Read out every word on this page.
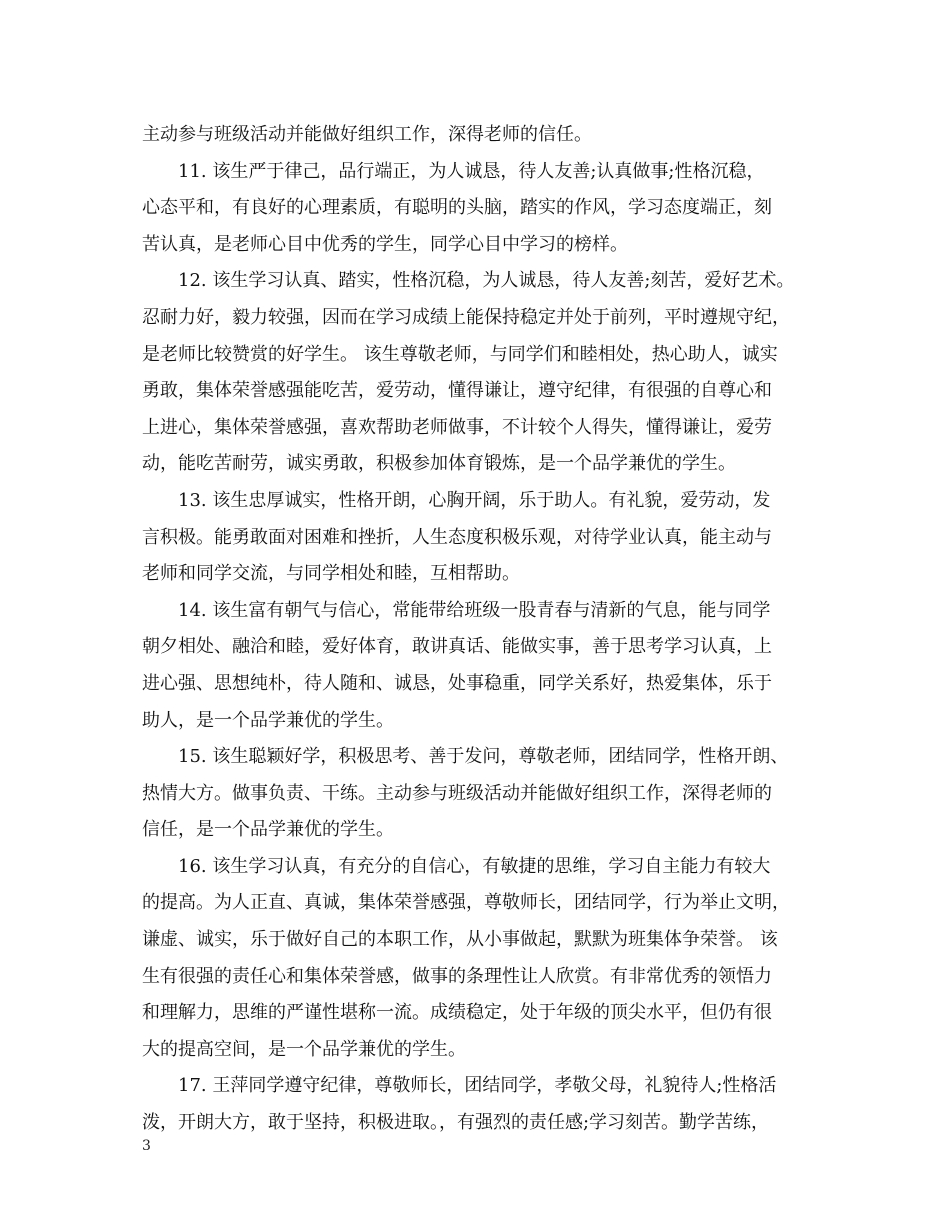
主动参与班级活动并能做好组织工作，深得老师的信任。
11. 该生严于律己，品行端正，为人诚恳，待人友善;认真做事;性格沉稳，
心态平和，有良好的心理素质，有聪明的头脑，踏实的作风，学习态度端正，刻
苦认真，是老师心目中优秀的学生，同学心目中学习的榜样。
12. 该生学习认真、踏实，性格沉稳，为人诚恳，待人友善;刻苦，爱好艺术。
忍耐力好，毅力较强，因而在学习成绩上能保持稳定并处于前列，平时遵规守纪，
是老师比较赞赏的好学生。 该生尊敬老师，与同学们和睦相处，热心助人，诚实
勇敢，集体荣誉感强能吃苦，爱劳动，懂得谦让，遵守纪律，有很强的自尊心和
上进心，集体荣誉感强，喜欢帮助老师做事，不计较个人得失，懂得谦让，爱劳
动，能吃苦耐劳，诚实勇敢，积极参加体育锻炼，是一个品学兼优的学生。
13. 该生忠厚诚实，性格开朗，心胸开阔，乐于助人。有礼貌，爱劳动，发
言积极。能勇敢面对困难和挫折，人生态度积极乐观，对待学业认真，能主动与
老师和同学交流，与同学相处和睦，互相帮助。
14. 该生富有朝气与信心，常能带给班级一股青春与清新的气息，能与同学
朝夕相处、融洽和睦，爱好体育，敢讲真话、能做实事，善于思考学习认真，上
进心强、思想纯朴，待人随和、诚恳，处事稳重，同学关系好，热爱集体，乐于
助人，是一个品学兼优的学生。
15. 该生聪颖好学，积极思考、善于发问，尊敬老师，团结同学，性格开朗、
热情大方。做事负责、干练。主动参与班级活动并能做好组织工作，深得老师的
信任，是一个品学兼优的学生。
16. 该生学习认真，有充分的自信心，有敏捷的思维，学习自主能力有较大
的提高。为人正直、真诚，集体荣誉感强，尊敬师长，团结同学，行为举止文明，
谦虚、诚实，乐于做好自己的本职工作，从小事做起，默默为班集体争荣誉。 该
生有很强的责任心和集体荣誉感，做事的条理性让人欣赏。有非常优秀的领悟力
和理解力，思维的严谨性堪称一流。成绩稳定，处于年级的顶尖水平，但仍有很
大的提高空间，是一个品学兼优的学生。
17. 王萍同学遵守纪律，尊敬师长，团结同学，孝敬父母，礼貌待人;性格活
泼，开朗大方，敢于坚持，积极进取。，有强烈的责任感;学习刻苦。勤学苦练，
3
